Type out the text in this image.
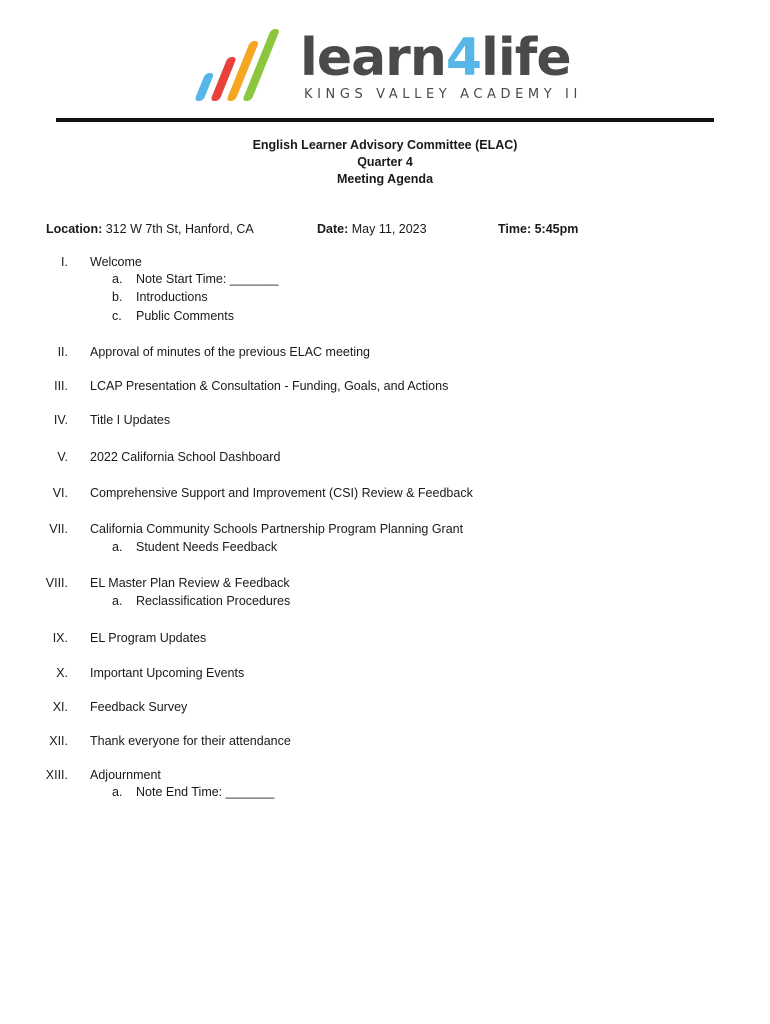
learn4life
KINGS VALLEY ACADEMY II
English Learner Advisory Committee (ELAC)
Quarter 4
Meeting Agenda
Location: 312 W 7th St, Hanford, CA	Date: May 11, 2023	Time: 5:45pm
I. Welcome
a. Note Start Time: _______
b. Introductions
c. Public Comments
II. Approval of minutes of the previous ELAC meeting
III. LCAP Presentation & Consultation - Funding, Goals, and Actions
IV. Title I Updates
V. 2022 California School Dashboard
VI. Comprehensive Support and Improvement (CSI) Review & Feedback
VII. California Community Schools Partnership Program Planning Grant
a. Student Needs Feedback
VIII. EL Master Plan Review & Feedback
a. Reclassification Procedures
IX. EL Program Updates
X. Important Upcoming Events
XI. Feedback Survey
XII. Thank everyone for their attendance
XIII. Adjournment
a. Note End Time: _______
